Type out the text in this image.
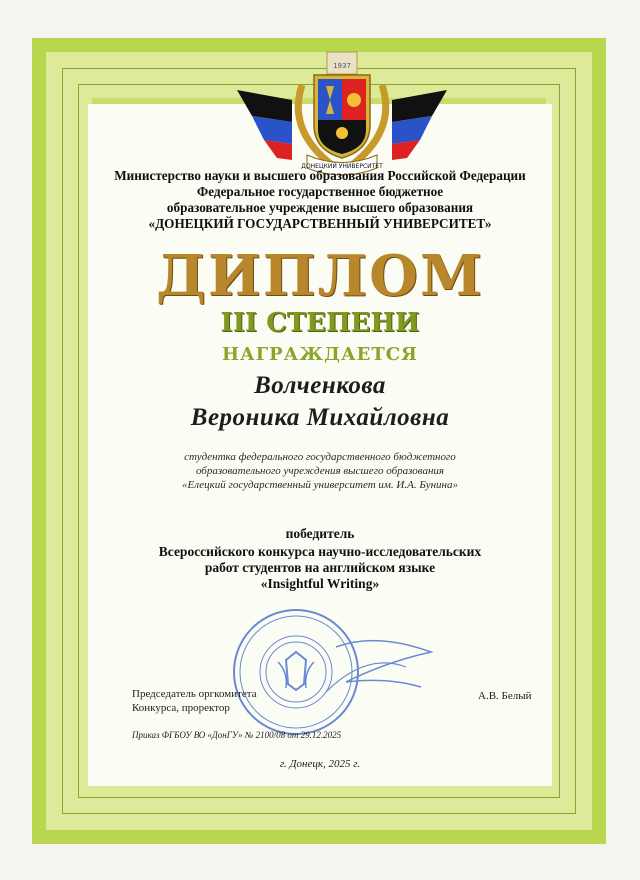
1937
ДОНЕЦКИЙ УНИВЕРСИТЕТ
Министерство науки и высшего образования Российской Федерации
Федеральное государственное бюджетное
образовательное учреждение высшего образования
«ДОНЕЦКИЙ ГОСУДАРСТВЕННЫЙ УНИВЕРСИТЕТ»
ДИПЛОМ
III СТЕПЕНИ
НАГРАЖДАЕТСЯ
Волченкова
Вероника Михайловна
студентка федерального государственного бюджетного
образовательного учреждения высшего образования
«Елецкий государственный университет им. И.А. Бунина»
победитель
Всероссийского конкурса научно-исследовательских
работ студентов на английском языке
«Insightful Writing»
Председатель оргкомитета
Конкурса, проректор
А.В. Белый
Приказ ФГБОУ ВО «ДонГУ» № 2100/08 от 29.12.2025
г. Донецк, 2025 г.
